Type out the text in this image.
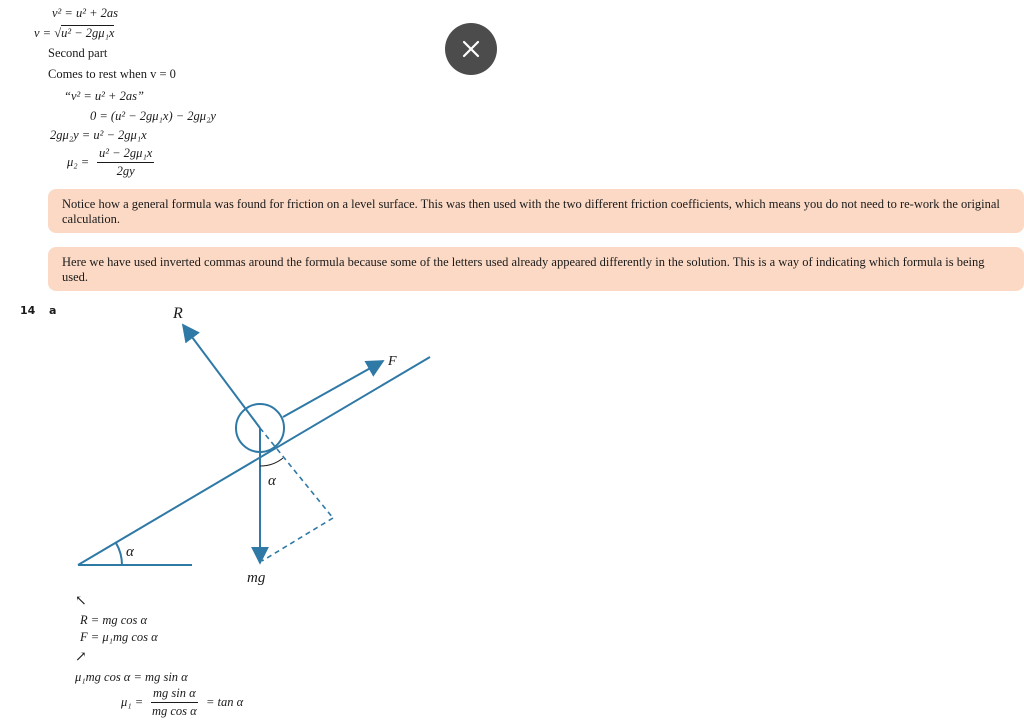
v² = u² + 2as
v = √u² − 2gμ₁x
Second part
Comes to rest when v = 0
“v² = u² + 2as”
0 = (u² − 2gμ₁x) − 2gμ₂y
2gμ₂y = u² − 2gμ₁x
$\mu_2 = \frac{\text{u² − 2gμ₁x}}{2gy}$
Notice how a general formula was found for friction on a level surface. This was then used with the two different friction coefficients, which means you do not need to re-work the original calculation.
Here we have used inverted commas around the formula because some of the letters used already appeared differently in the solution. This is a way of indicating which formula is being used.
14 a	R
F
α
α
mg
↖
R = mg cos α
F = μ₁mg cos α
↗
μ₁mg cos α = mg sin α
$\mu_1 = \frac{\text{mg sin α}}{\text{mg cos α}} = \tan \alpha$
